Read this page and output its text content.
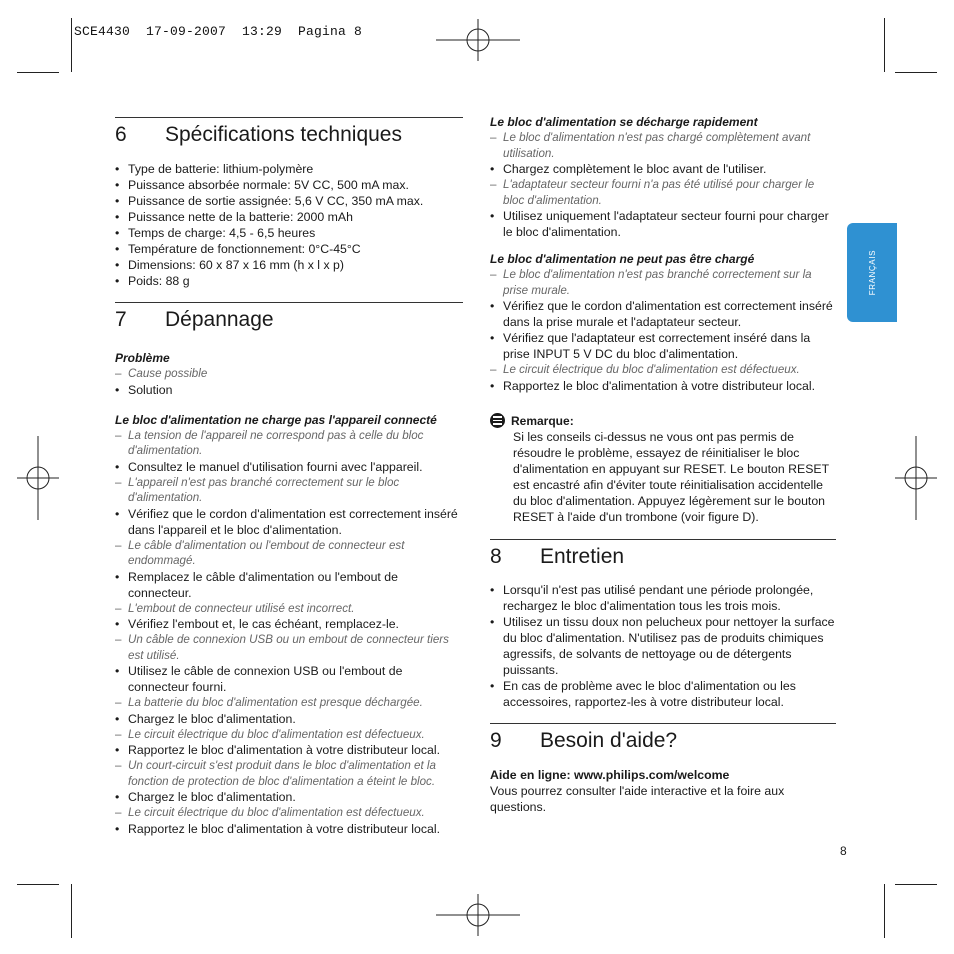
SCE4430  17-09-2007  13:29  Pagina 8
FRANÇAIS
6	Spécifications techniques
• Type de batterie: lithium-polymère
• Puissance absorbée normale: 5V CC, 500 mA max.
• Puissance de sortie assignée: 5,6 V CC, 350 mA max.
• Puissance nette de la batterie: 2000 mAh
• Temps de charge: 4,5 - 6,5 heures
• Température de fonctionnement: 0°C-45°C
• Dimensions: 60 x 87 x 16 mm (h x l x p)
• Poids: 88 g
7	Dépannage
Problème
– Cause possible
• Solution
Le bloc d'alimentation ne charge pas l'appareil connecté
– La tension de l'appareil ne correspond pas à celle du bloc d'alimentation.
• Consultez le manuel d'utilisation fourni avec l'appareil.
– L'appareil n'est pas branché correctement sur le bloc d'alimentation.
• Vérifiez que le cordon d'alimentation est correctement inséré dans l'appareil et le bloc d'alimentation.
– Le câble d'alimentation ou l'embout de connecteur est endommagé.
• Remplacez le câble d'alimentation ou l'embout de connecteur.
– L'embout de connecteur utilisé est incorrect.
• Vérifiez l'embout et, le cas échéant, remplacez-le.
– Un câble de connexion USB ou un embout de connecteur tiers est utilisé.
• Utilisez le câble de connexion USB ou l'embout de connecteur fourni.
– La batterie du bloc d'alimentation est presque déchargée.
• Chargez le bloc d'alimentation.
– Le circuit électrique du bloc d'alimentation est défectueux.
• Rapportez le bloc d'alimentation à votre distributeur local.
– Un court-circuit s'est produit dans le bloc d'alimentation et la fonction de protection de bloc d'alimentation a éteint le bloc.
• Chargez le bloc d'alimentation.
– Le circuit électrique du bloc d'alimentation est défectueux.
• Rapportez le bloc d'alimentation à votre distributeur local.
Le bloc d'alimentation se décharge rapidement
– Le bloc d'alimentation n'est pas chargé complètement avant utilisation.
• Chargez complètement le bloc avant de l'utiliser.
– L'adaptateur secteur fourni n'a pas été utilisé pour charger le bloc d'alimentation.
• Utilisez uniquement l'adaptateur secteur fourni pour charger le bloc d'alimentation.
Le bloc d'alimentation ne peut pas être chargé
– Le bloc d'alimentation n'est pas branché correctement sur la prise murale.
• Vérifiez que le cordon d'alimentation est correctement inséré dans la prise murale et l'adaptateur secteur.
• Vérifiez que l'adaptateur est correctement inséré dans la prise INPUT 5 V DC du bloc d'alimentation.
– Le circuit électrique du bloc d'alimentation est défectueux.
• Rapportez le bloc d'alimentation à votre distributeur local.
Remarque:
Si les conseils ci-dessus ne vous ont pas permis de résoudre le problème, essayez de réinitialiser le bloc d'alimentation en appuyant sur RESET. Le bouton RESET est encastré afin d'éviter toute réinitialisation accidentelle du bloc d'alimentation. Appuyez légèrement sur le bouton RESET à l'aide d'un trombone (voir figure D).
8	Entretien
• Lorsqu'il n'est pas utilisé pendant une période prolongée, rechargez le bloc d'alimentation tous les trois mois.
• Utilisez un tissu doux non pelucheux pour nettoyer la surface du bloc d'alimentation. N'utilisez pas de produits chimiques agressifs, de solvants de nettoyage ou de détergents puissants.
• En cas de problème avec le bloc d'alimentation ou les accessoires, rapportez-les à votre distributeur local.
9	Besoin d'aide?
Aide en ligne: www.philips.com/welcome
Vous pourrez consulter l'aide interactive et la foire aux questions.
8
